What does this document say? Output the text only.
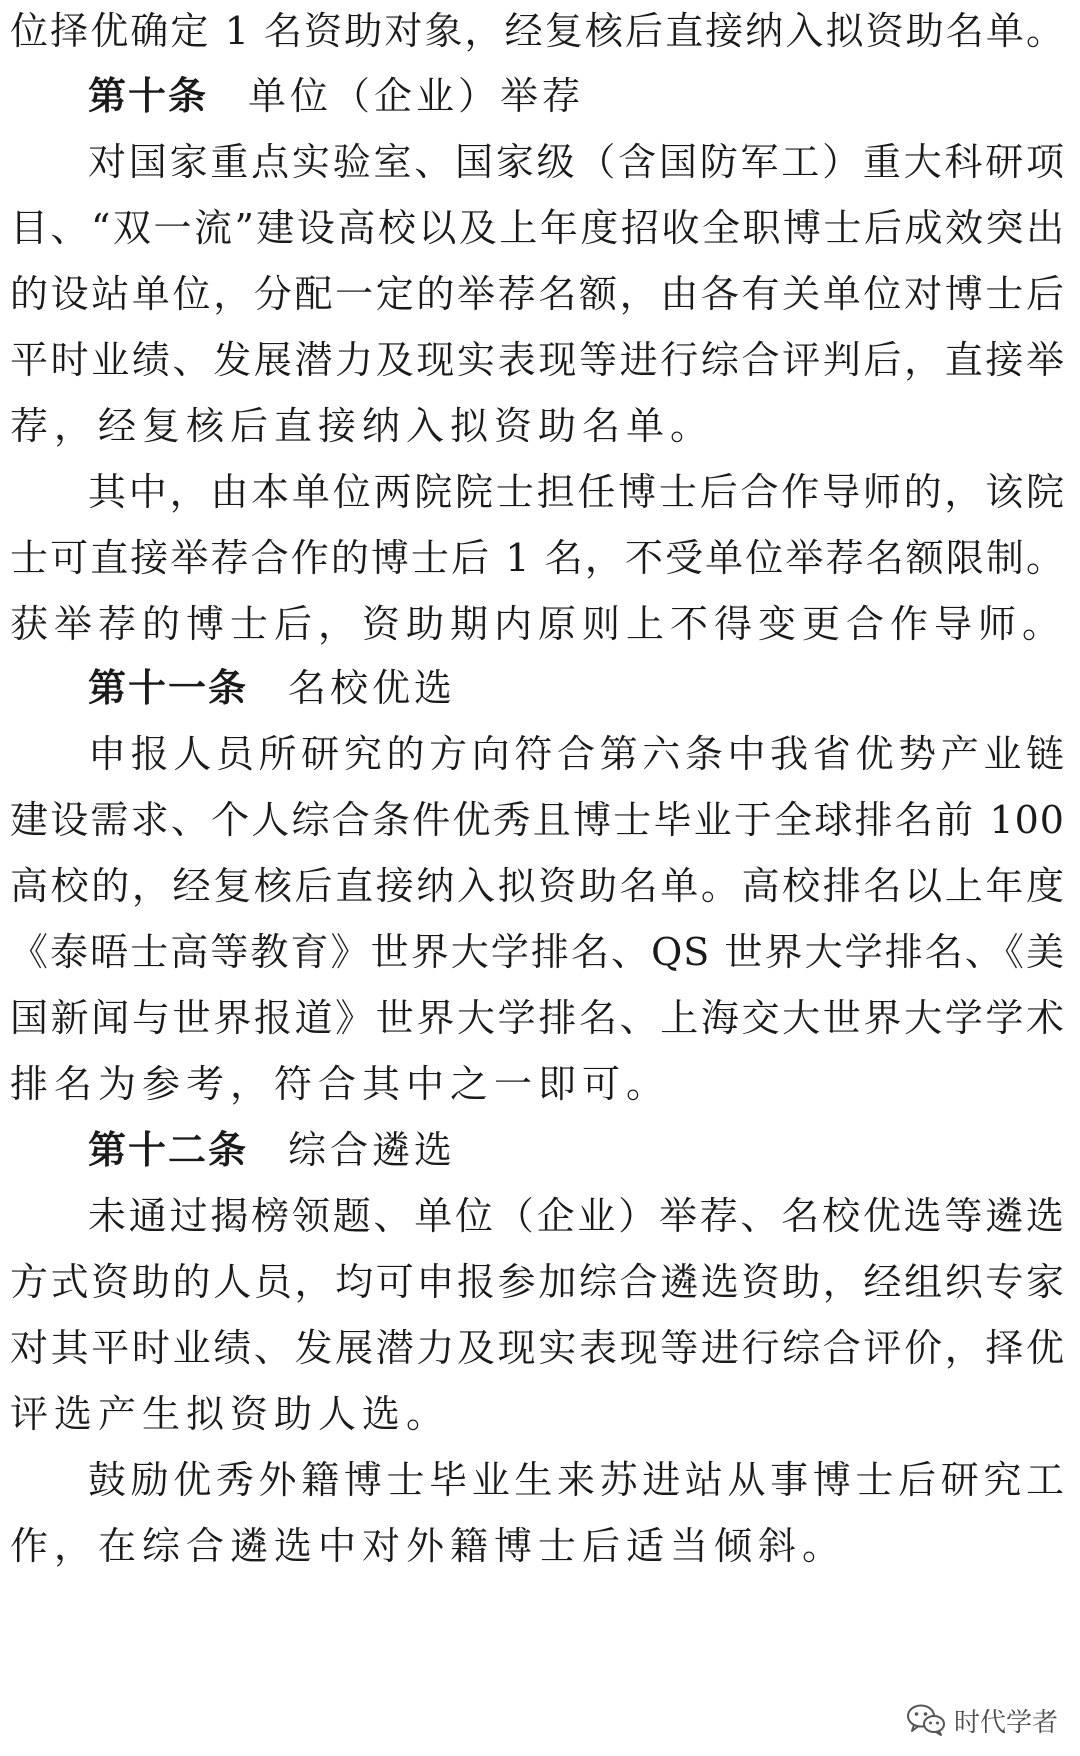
位择优确定 1 名资助对象，经复核后直接纳入拟资助名单。
第十条 单位（企业）举荐
对国家重点实验室、国家级（含国防军工）重大科研项
目、“双一流”建设高校以及上年度招收全职博士后成效突出
的设站单位，分配一定的举荐名额，由各有关单位对博士后
平时业绩、发展潜力及现实表现等进行综合评判后，直接举
荐，经复核后直接纳入拟资助名单。
其中，由本单位两院院士担任博士后合作导师的，该院
士可直接举荐合作的博士后 1 名，不受单位举荐名额限制。
获举荐的博士后，资助期内原则上不得变更合作导师。
第十一条 名校优选
申报人员所研究的方向符合第六条中我省优势产业链
建设需求、个人综合条件优秀且博士毕业于全球排名前 100
高校的，经复核后直接纳入拟资助名单。高校排名以上年度
《泰晤士高等教育》世界大学排名、QS 世界大学排名、《美
国新闻与世界报道》世界大学排名、上海交大世界大学学术
排名为参考，符合其中之一即可。
第十二条 综合遴选
未通过揭榜领题、单位（企业）举荐、名校优选等遴选
方式资助的人员，均可申报参加综合遴选资助，经组织专家
对其平时业绩、发展潜力及现实表现等进行综合评价，择优
评选产生拟资助人选。
鼓励优秀外籍博士毕业生来苏进站从事博士后研究工
作，在综合遴选中对外籍博士后适当倾斜。
时代学者
